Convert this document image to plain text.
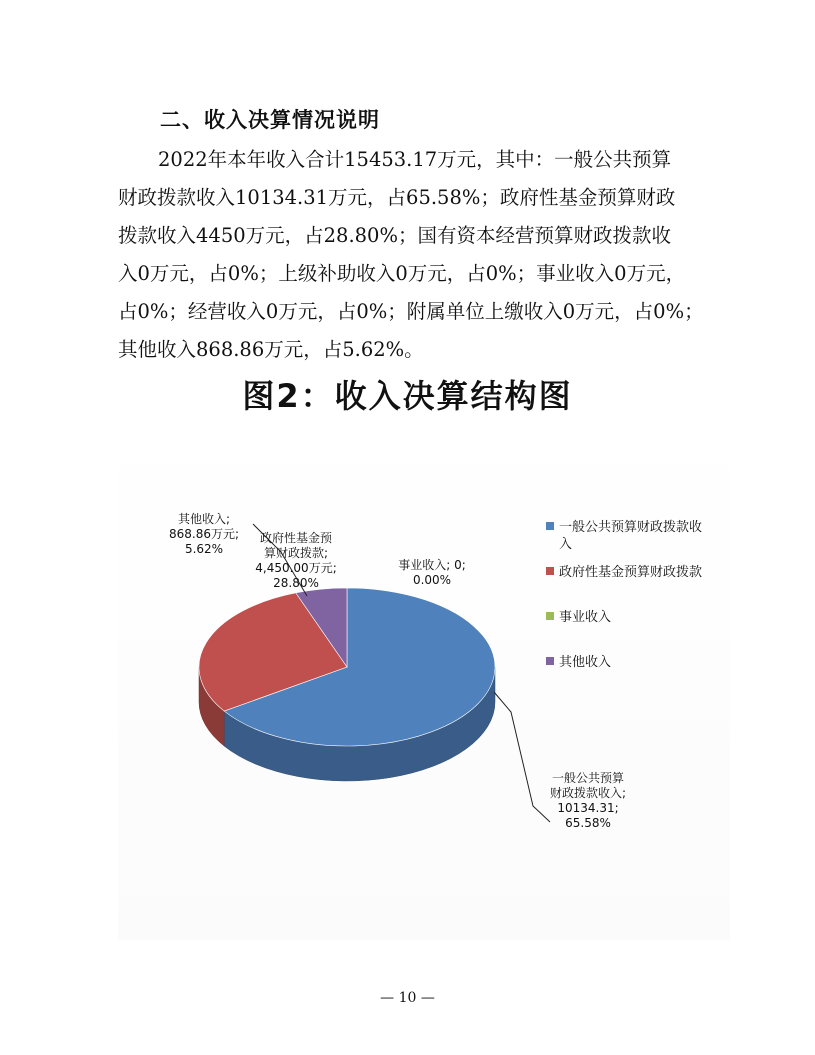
二、收入决算情况说明
2022年本年收入合计15453.17万元，其中：一般公共预算
财政拨款收入10134.31万元，占65.58%；政府性基金预算财政
拨款收入4450万元，占28.80%；国有资本经营预算财政拨款收
入0万元，占0%；上级补助收入0万元，占0%；事业收入0万元，
占0%；经营收入0万元，占0%；附属单位上缴收入0万元，占0%；
其他收入868.86万元，占5.62%。
图2：收入决算结构图
一般公共预算财政拨款收入; 10134.31; 65.58%
政府性基金预算财政拨款; 4,450.00万元; 28.80%
事业收入; 0; 0.00%
其他收入; 868.86万元; 5.62%
一般公共预算财政拨款收入
政府性基金预算财政拨款
事业收入
其他收入
— 10 —
